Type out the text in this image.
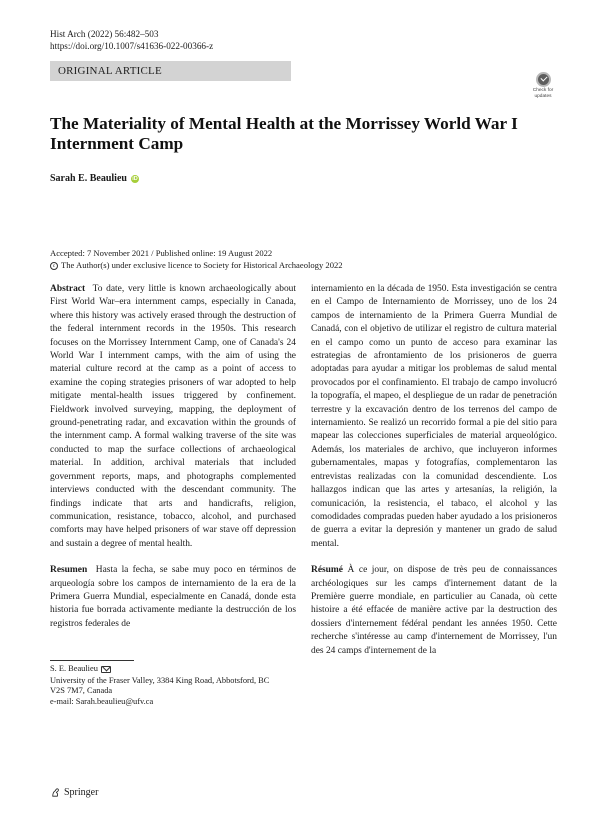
Hist Arch (2022) 56:482–503
https://doi.org/10.1007/s41636-022-00366-z
ORIGINAL ARTICLE
Check for
updates
The Materiality of Mental Health at the Morrissey World War I Internment Camp
Sarah E. Beaulieu iD
Accepted: 7 November 2021 / Published online: 19 August 2022
c The Author(s) under exclusive licence to Society for Historical Archaeology 2022

Abstract To date, very little is known archaeologically about First World War–era internment camps, especially in Canada, where this history was actively erased through the destruction of the federal internment records in the 1950s. This research focuses on the Morrissey Internment Camp, one of Canada's 24 World War I internment camps, with the aim of using the material culture record at the camp as a point of access to examine the coping strategies prisoners of war adopted to help mitigate mental-health issues triggered by confinement. Fieldwork involved surveying, mapping, the deployment of ground-penetrating radar, and excavation within the grounds of the internment camp. A formal walking traverse of the site was conducted to map the surface collections of archaeological material. In addition, archival materials that included government reports, maps, and photographs complemented interviews conducted with the descendant community. The findings indicate that arts and handicrafts, religion, communication, resistance, tobacco, alcohol, and purchased comforts may have helped prisoners of war stave off depression and sustain a degree of mental health.

Resumen Hasta la fecha, se sabe muy poco en términos de arqueología sobre los campos de internamiento de la era de la Primera Guerra Mundial, especialmente en Canadá, donde esta historia fue borrada activamente mediante la destrucción de los registros federales de

internamiento en la década de 1950. Esta investigación se centra en el Campo de Internamiento de Morrissey, uno de los 24 campos de internamiento de la Primera Guerra Mundial de Canadá, con el objetivo de utilizar el registro de cultura material en el campo como un punto de acceso para examinar las estrategias de afrontamiento de los prisioneros de guerra adoptadas para ayudar a mitigar los problemas de salud mental provocados por el confinamiento. El trabajo de campo involucró la topografía, el mapeo, el despliegue de un radar de penetración terrestre y la excavación dentro de los terrenos del campo de internamiento. Se realizó un recorrido formal a pie del sitio para mapear las colecciones superficiales de material arqueológico. Además, los materiales de archivo, que incluyeron informes gubernamentales, mapas y fotografías, complementaron las entrevistas realizadas con la comunidad descendiente. Los hallazgos indican que las artes y artesanías, la religión, la comunicación, la resistencia, el tabaco, el alcohol y las comodidades compradas pueden haber ayudado a los prisioneros de guerra a evitar la depresión y mantener un grado de salud mental.

Résumé À ce jour, on dispose de très peu de connaissances archéologiques sur les camps d'internement datant de la Première guerre mondiale, en particulier au Canada, où cette histoire a été effacée de manière active par la destruction des dossiers d'internement fédéral pendant les années 1950. Cette recherche s'intéresse au camp d'internement de Morrissey, l'un des 24 camps d'internement de la

S. E. Beaulieu
University of the Fraser Valley, 3384 King Road, Abbotsford, BC
V2S 7M7, Canada
e-mail: Sarah.beaulieu@ufv.ca
Springer
